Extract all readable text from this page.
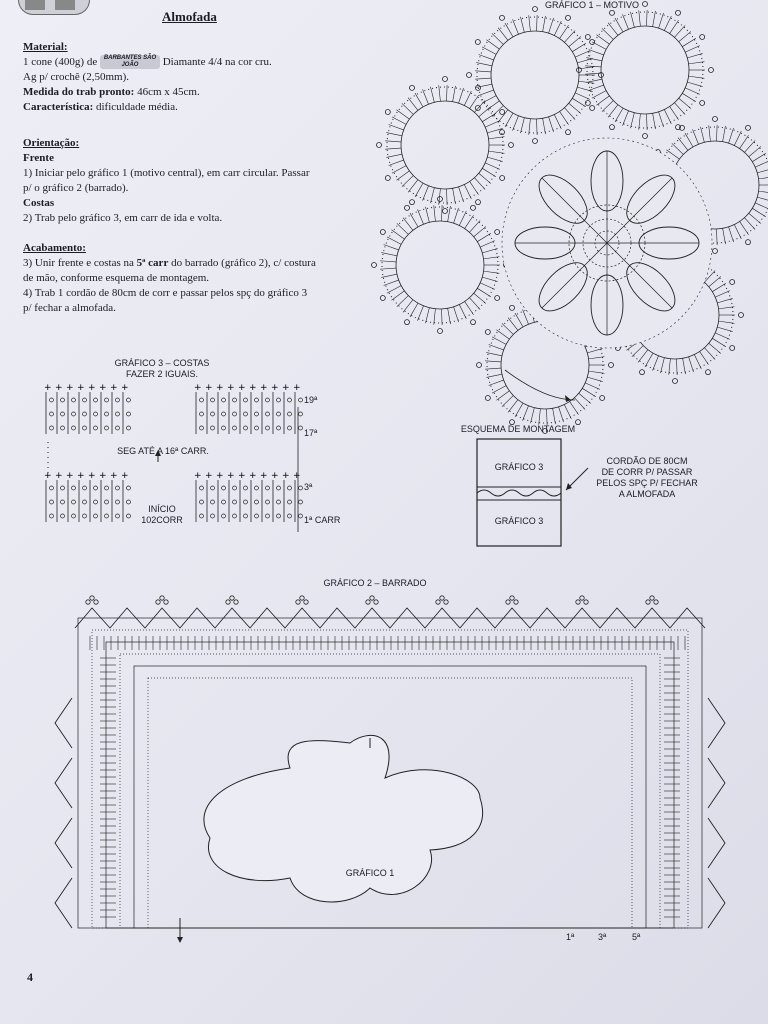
Almofada
Material:
1 cone (400g) de BARBANTES SÃO JOÃO Diamante 4/4 na cor cru.
Ag p/ crochê (2,50mm).
Medida do trab pronto: 46cm x 45cm.
Característica: dificuldade média.
Orientação:
Frente
1) Iniciar pelo gráfico 1 (motivo central), em carr circular. Passar
p/ o gráfico 2 (barrado).
Costas
2) Trab pelo gráfico 3, em carr de ida e volta.
Acabamento:
3) Unir frente e costas na 5ª carr do barrado (gráfico 2), c/ costura
de mão, conforme esquema de montagem.
4) Trab 1 cordão de 80cm de corr e passar pelos spç do gráfico 3
p/ fechar a almofada.
GRÁFICO 1 – MOTIVO
GRÁFICO 3 – COSTAS
FAZER 2 IGUAIS.
+ + + + + + + +	+ + + + + + + + + +
+ + + + + + + +	+ + + + + + + + + +
19ª
17ª
3ª
1ª CARR
SEG ATÉ A 16ª CARR.
INÍCIO
102CORR
ESQUEMA DE MONTAGEM
GRÁFICO 3
GRÁFICO 3
CORDÃO DE 80CM
DE CORR P/ PASSAR
PELOS SPÇ P/ FECHAR
A ALMOFADA
GRÁFICO 2 – BARRADO
GRÁFICO 1
1ª	3ª	5ª
4
